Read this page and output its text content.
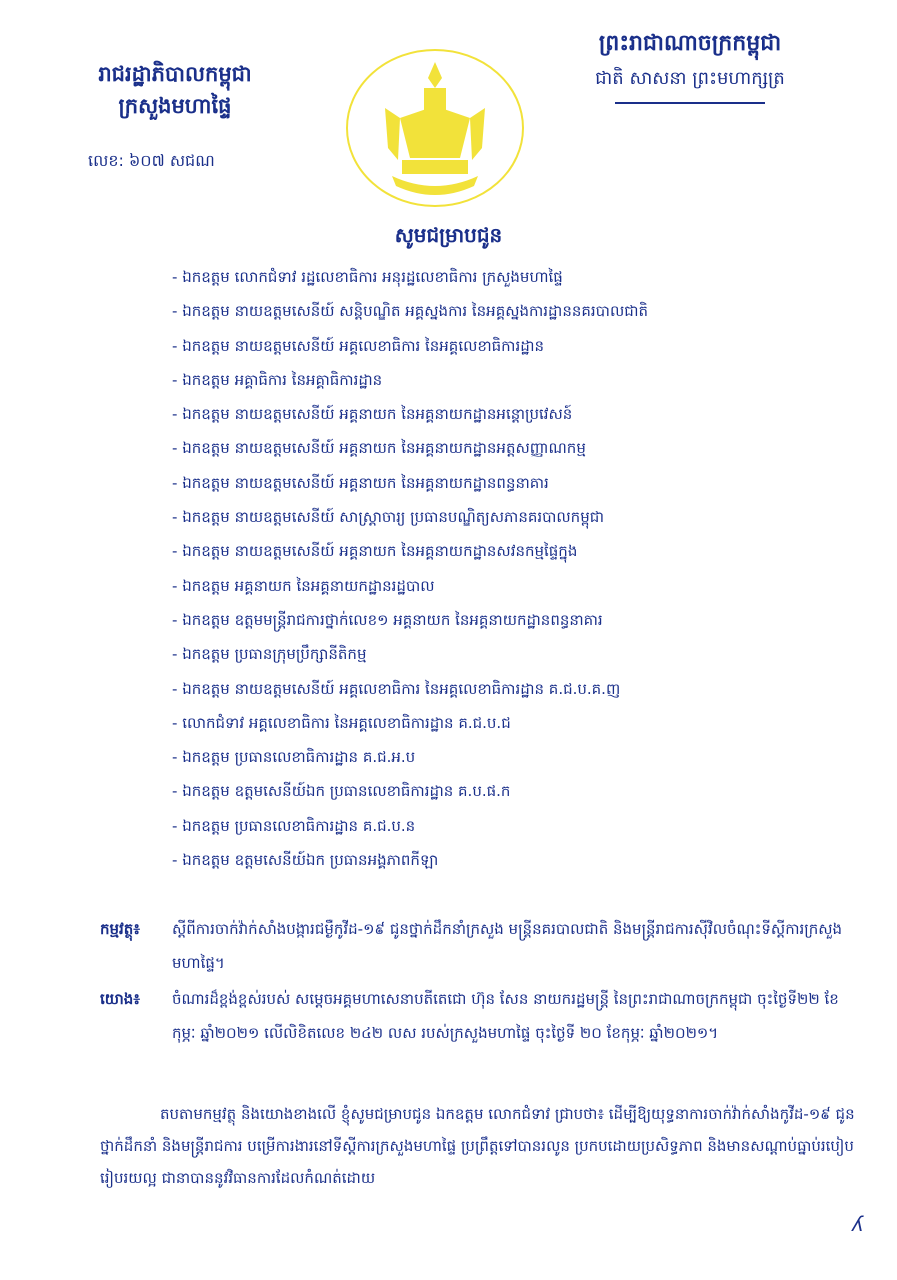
រាជរដ្ឋាភិបាលកម្ពុជា
ក្រសួងមហាផ្ទៃ
លេខ: ៦០៧ សជណ
ព្រះរាជាណាចក្រកម្ពុជា
ជាតិ សាសនា ព្រះមហាក្សត្រ
សូមជម្រាបជូន
- ឯកឧត្តម លោកជំទាវ រដ្ឋលេខាធិការ អនុរដ្ឋលេខាធិការ ក្រសួងមហាផ្ទៃ
- ឯកឧត្តម នាយឧត្តមសេនីយ៍ សន្តិបណ្ឌិត អគ្គស្នងការ នៃអគ្គស្នងការដ្ឋាននគរបាលជាតិ
- ឯកឧត្តម នាយឧត្តមសេនីយ៍ អគ្គលេខាធិការ នៃអគ្គលេខាធិការដ្ឋាន
- ឯកឧត្តម អគ្គាធិការ នៃអគ្គាធិការដ្ឋាន
- ឯកឧត្តម នាយឧត្តមសេនីយ៍ អគ្គនាយក នៃអគ្គនាយកដ្ឋានអន្តោប្រវេសន៍
- ឯកឧត្តម នាយឧត្តមសេនីយ៍ អគ្គនាយក នៃអគ្គនាយកដ្ឋានអត្តសញ្ញាណកម្ម
- ឯកឧត្តម នាយឧត្តមសេនីយ៍ អគ្គនាយក នៃអគ្គនាយកដ្ឋានពន្ធនាគារ
- ឯកឧត្តម នាយឧត្តមសេនីយ៍ សាស្ត្រាចារ្យ ប្រធានបណ្ឌិត្យសភានគរបាលកម្ពុជា
- ឯកឧត្តម នាយឧត្តមសេនីយ៍ អគ្គនាយក នៃអគ្គនាយកដ្ឋានសវនកម្មផ្ទៃក្នុង
- ឯកឧត្តម អគ្គនាយក នៃអគ្គនាយកដ្ឋានរដ្ឋបាល
- ឯកឧត្តម ឧត្តមមន្ត្រីរាជការថ្នាក់លេខ១ អគ្គនាយក នៃអគ្គនាយកដ្ឋានពន្ធនាគារ
- ឯកឧត្តម ប្រធានក្រុមប្រឹក្សានីតិកម្ម
- ឯកឧត្តម នាយឧត្តមសេនីយ៍ អគ្គលេខាធិការ នៃអគ្គលេខាធិការដ្ឋាន គ.ជ.ប.គ.ញ
- លោកជំទាវ អគ្គលេខាធិការ នៃអគ្គលេខាធិការដ្ឋាន គ.ជ.ប.ជ
- ឯកឧត្តម ប្រធានលេខាធិការដ្ឋាន គ.ជ.អ.ប
- ឯកឧត្តម ឧត្តមសេនីយ៍ឯក ប្រធានលេខាធិការដ្ឋាន គ.ប.ផ.ក
- ឯកឧត្តម ប្រធានលេខាធិការដ្ឋាន គ.ជ.ប.ន
- ឯកឧត្តម ឧត្តមសេនីយ៍ឯក ប្រធានអង្គភាពកីឡា
កម្មវត្ថុ៖	ស្តីពីការចាក់វ៉ាក់សាំងបង្ការជម្ងឺកូវីដ-១៩ ជូនថ្នាក់ដឹកនាំក្រសួង មន្ត្រីនគរបាលជាតិ និងមន្ត្រីរាជការស៊ីវិលចំណុះទីស្តីការក្រសួងមហាផ្ទៃ។
យោង៖	ចំណារដ៏ខ្ពង់ខ្ពស់របស់ សម្តេចអគ្គមហាសេនាបតីតេជោ ហ៊ុន សែន នាយករដ្ឋមន្ត្រី នៃព្រះរាជាណាចក្រកម្ពុជា ចុះថ្ងៃទី២២ ខែកុម្ភៈ ឆ្នាំ២០២១ លើលិខិតលេខ ២៤២ លស របស់ក្រសួងមហាផ្ទៃ ចុះថ្ងៃទី ២០ ខែកុម្ភៈ ឆ្នាំ២០២១។
តបតាមកម្មវត្ថុ និងយោងខាងលើ ខ្ញុំសូមជម្រាបជូន ឯកឧត្តម លោកជំទាវ ជ្រាបថា៖ ដើម្បីឱ្យយុទ្ធនាការចាក់វ៉ាក់សាំងកូវីដ-១៩ ជូនថ្នាក់ដឹកនាំ និងមន្ត្រីរាជការ បម្រើការងារនៅទីស្តីការក្រសួងមហាផ្ទៃ ប្រព្រឹត្តទៅបានរលូន ប្រកបដោយប្រសិទ្ធភាព និងមានសណ្តាប់ធ្នាប់របៀបរៀបរយល្អ ជានាបាននូវវិធានការដែលកំណត់ដោយ
ʎ
